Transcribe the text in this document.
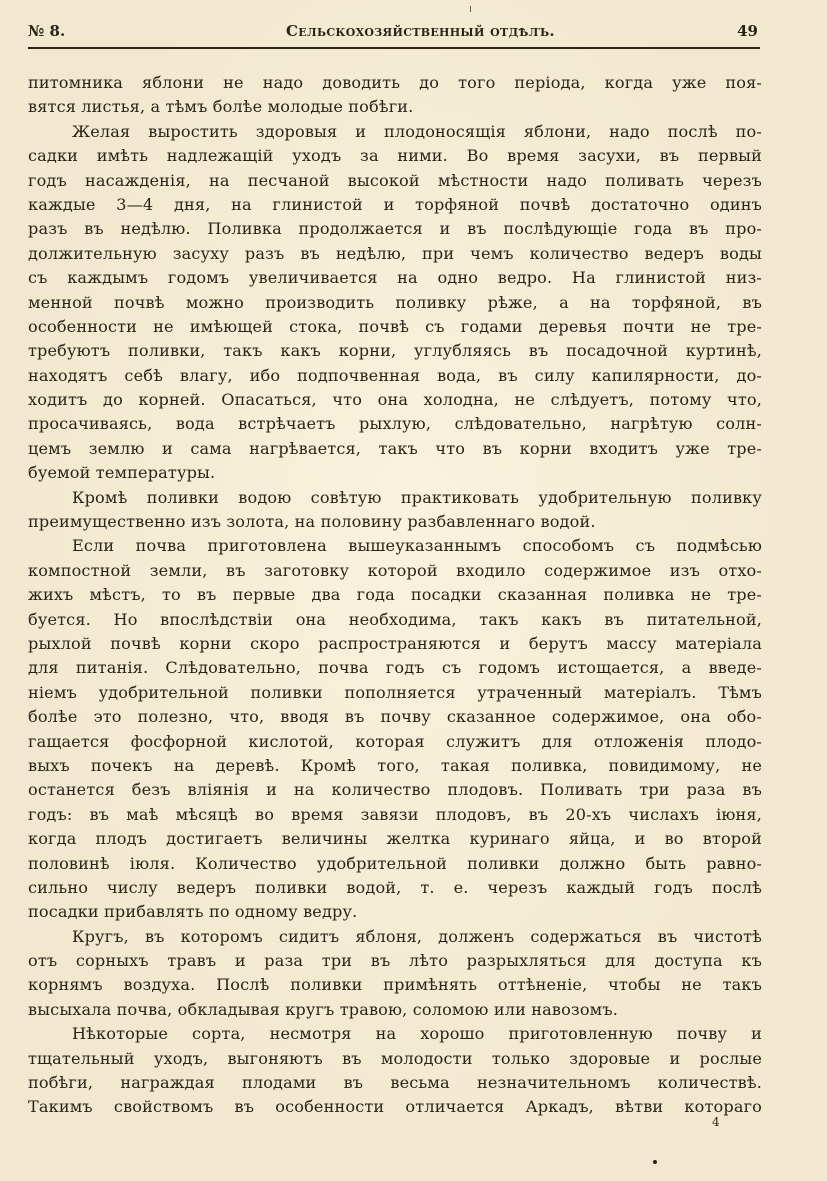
№ 8.	Сельскохозяйственный отдѣлъ.	49
питомника яблони не надо доводить до того періода, когда уже поя-
вятся листья, а тѣмъ болѣе молодые побѣги.
Желая выростить здоровыя и плодоносящія яблони, надо послѣ по-
садки имѣть надлежащій уходъ за ними. Во время засухи, въ первый
годъ насажденія, на песчаной высокой мѣстности надо поливать черезъ
каждые 3—4 дня, на глинистой и торфяной почвѣ достаточно одинъ
разъ въ недѣлю. Поливка продолжается и въ послѣдующіе года въ про-
должительную засуху разъ въ недѣлю, при чемъ количество ведеръ воды
съ каждымъ годомъ увеличивается на одно ведро. На глинистой низ-
менной почвѣ можно производить поливку рѣже, а на торфяной, въ
особенности не имѣющей стока, почвѣ съ годами деревья почти не тре-
требуютъ поливки, такъ какъ корни, углубляясь въ посадочной куртинѣ,
находятъ себѣ влагу, ибо подпочвенная вода, въ силу капилярности, до-
ходитъ до корней. Опасаться, что она холодна, не слѣдуетъ, потому что,
просачиваясь, вода встрѣчаетъ рыхлую, слѣдовательно, нагрѣтую солн-
цемъ землю и сама нагрѣвается, такъ что въ корни входитъ уже тре-
буемой температуры.
Кромѣ поливки водою совѣтую практиковать удобрительную поливку
преимущественно изъ золота, на половину разбавленнаго водой.
Если почва приготовлена вышеуказаннымъ способомъ съ подмѣсью
компостной земли, въ заготовку которой входило содержимое изъ отхо-
жихъ мѣстъ, то въ первые два года посадки сказанная поливка не тре-
буется. Но впослѣдствіи она необходима, такъ какъ въ питательной,
рыхлой почвѣ корни скоро распространяются и берутъ массу матеріала
для питанія. Слѣдовательно, почва годъ съ годомъ истощается, а введе-
ніемъ удобрительной поливки пополняется утраченный матеріалъ. Тѣмъ
болѣе это полезно, что, вводя въ почву сказанное содержимое, она обо-
гащается фосфорной кислотой, которая служитъ для отложенія плодо-
выхъ почекъ на деревѣ. Кромѣ того, такая поливка, повидимому, не
останется безъ вліянія и на количество плодовъ. Поливать три раза въ
годъ: въ маѣ мѣсяцѣ во время завязи плодовъ, въ 20-хъ числахъ іюня,
когда плодъ достигаетъ величины желтка куринаго яйца, и во второй
половинѣ іюля. Количество удобрительной поливки должно быть равно-
сильно числу ведеръ поливки водой, т. е. черезъ каждый годъ послѣ
посадки прибавлять по одному ведру.
Кругъ, въ которомъ сидитъ яблоня, долженъ содержаться въ чистотѣ
отъ сорныхъ травъ и раза три въ лѣто разрыхляться для доступа къ
корнямъ воздуха. Послѣ поливки примѣнять оттѣненіе, чтобы не такъ
высыхала почва, обкладывая кругъ травою, соломою или навозомъ.
Нѣкоторые сорта, несмотря на хорошо приготовленную почву и
тщательный уходъ, выгоняютъ въ молодости только здоровые и рослые
побѣги, награждая плодами въ весьма незначительномъ количествѣ.
Такимъ свойствомъ въ особенности отличается Аркадъ, вѣтви котораго
4
